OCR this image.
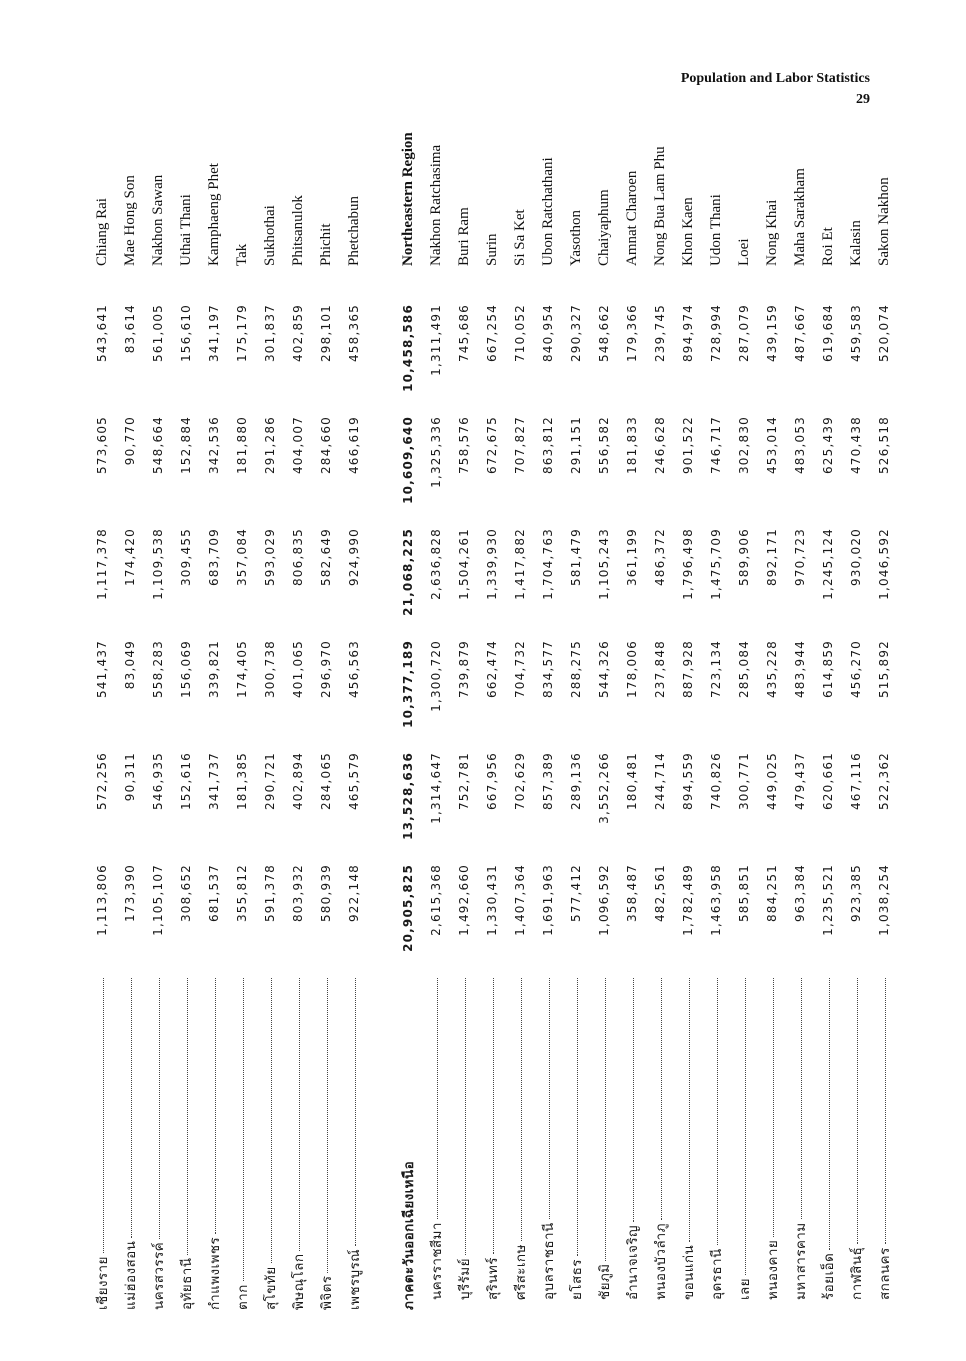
Population and Labor Statistics
29
เชียงราย	1,113,806	572,256	541,437	1,117,378	573,605	543,641	Chiang Rai

แม่ฮ่องสอน	173,390	90,311	83,049	174,420	90,770	83,614	Mae Hong Son

นครสวรรค์	1,105,107	546,935	558,283	1,109,538	548,664	561,005	Nakhon Sawan

อุทัยธานี	308,652	152,616	156,069	309,455	152,884	156,610	Uthai Thani

กำแพงเพชร	681,537	341,737	339,821	683,709	342,536	341,197	Kamphaeng Phet

ตาก	355,812	181,385	174,405	357,084	181,880	175,179	Tak

สุโขทัย	591,378	290,721	300,738	593,029	291,286	301,837	Sukhothai

พิษณุโลก	803,932	402,894	401,065	806,835	404,007	402,859	Phitsanulok

พิจิตร	580,939	284,065	296,970	582,649	284,660	298,101	Phichit

เพชรบูรณ์	922,148	465,579	456,563	924,990	466,619	458,365	Phetchabun

ภาคตะวันออกเฉียงเหนือ	20,905,825	13,528,636	10,377,189	21,068,225	10,609,640	10,458,586	Northeastern Region

นครราชสีมา	2,615,368	1,314,647	1,300,720	2,636,828	1,325,336	1,311,491	Nakhon Ratchasima

บุรีรัมย์	1,492,660	752,781	739,879	1,504,261	758,576	745,686	Buri Ram

สุรินทร์	1,330,431	667,956	662,474	1,339,930	672,675	667,254	Surin

ศรีสะเกษ	1,407,364	702,629	704,732	1,417,882	707,827	710,052	Si Sa Ket

อุบลราชธานี	1,691,963	857,389	834,577	1,704,763	863,812	840,954	Ubon Ratchathani

ยโสธร	577,412	289,136	288,275	581,479	291,151	290,327	Yasothon

ชัยภูมิ	1,096,592	3,552,266	544,326	1,105,243	556,582	548,662	Chaiyaphum

อำนาจเจริญ	358,487	180,481	178,006	361,199	181,833	179,366	Amnat Charoen

หนองบัวลำภู	482,561	244,714	237,848	486,372	246,628	239,745	Nong Bua Lam Phu

ขอนแก่น	1,782,489	894,559	887,928	1,796,498	901,522	894,974	Khon Kaen

อุดรธานี	1,463,958	740,826	723,134	1,475,709	746,717	728,994	Udon Thani

เลย	585,851	300,771	285,084	589,906	302,830	287,079	Loei

หนองคาย	884,251	449,025	435,228	892,171	453,014	439,159	Nong Khai

มหาสารคาม	963,384	479,437	483,944	970,723	483,053	487,667	Maha Sarakham

ร้อยเอ็ด	1,235,521	620,661	614,859	1,245,124	625,439	619,684	Roi Et

กาฬสินธุ์	923,385	467,116	456,270	930,020	470,438	459,583	Kalasin

สกลนคร	1,038,254	522,362	515,892	1,046,592	526,518	520,074	Sakon Nakhon
